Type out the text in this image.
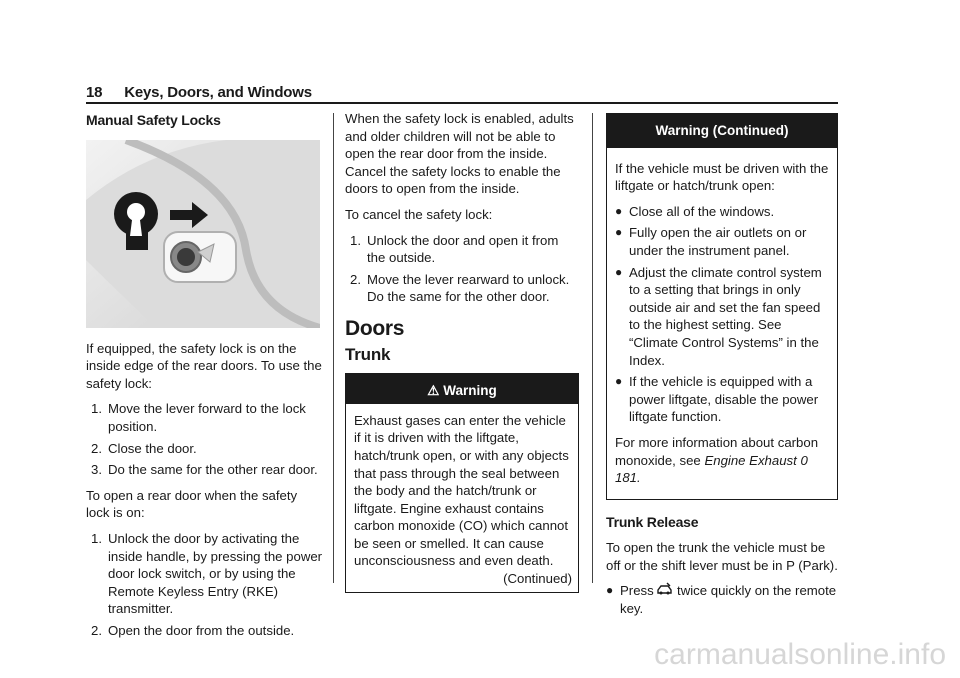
18 Keys, Doors, and Windows
Manual Safety Locks

If equipped, the safety lock is on the inside edge of the rear doors. To use the safety lock:

1. Move the lever forward to the lock position.
2. Close the door.
3. Do the same for the other rear door.

To open a rear door when the safety lock is on:

1. Unlock the door by activating the inside handle, by pressing the power door lock switch, or by using the Remote Keyless Entry (RKE) transmitter.
2. Open the door from the outside.

When the safety lock is enabled, adults and older children will not be able to open the rear door from the inside. Cancel the safety locks to enable the doors to open from the inside.

To cancel the safety lock:

1. Unlock the door and open it from the outside.
2. Move the lever rearward to unlock. Do the same for the other door.
Doors
Trunk
⚠ Warning
Exhaust gases can enter the vehicle if it is driven with the liftgate, hatch/trunk open, or with any objects that pass through the seal between the body and the hatch/trunk or liftgate. Engine exhaust contains carbon monoxide (CO) which cannot be seen or smelled. It can cause unconsciousness and even death.
(Continued)
Warning (Continued)

If the vehicle must be driven with the liftgate or hatch/trunk open:

● Close all of the windows.
● Fully open the air outlets on or under the instrument panel.
● Adjust the climate control system to a setting that brings in only outside air and set the fan speed to the highest setting. See “Climate Control Systems” in the Index.
● If the vehicle is equipped with a power liftgate, disable the power liftgate function.

For more information about carbon monoxide, see Engine Exhaust 0 181.

Trunk Release

To open the trunk the vehicle must be off or the shift lever must be in P (Park).

● Press  twice quickly on the remote key.
carmanualsonline.info
